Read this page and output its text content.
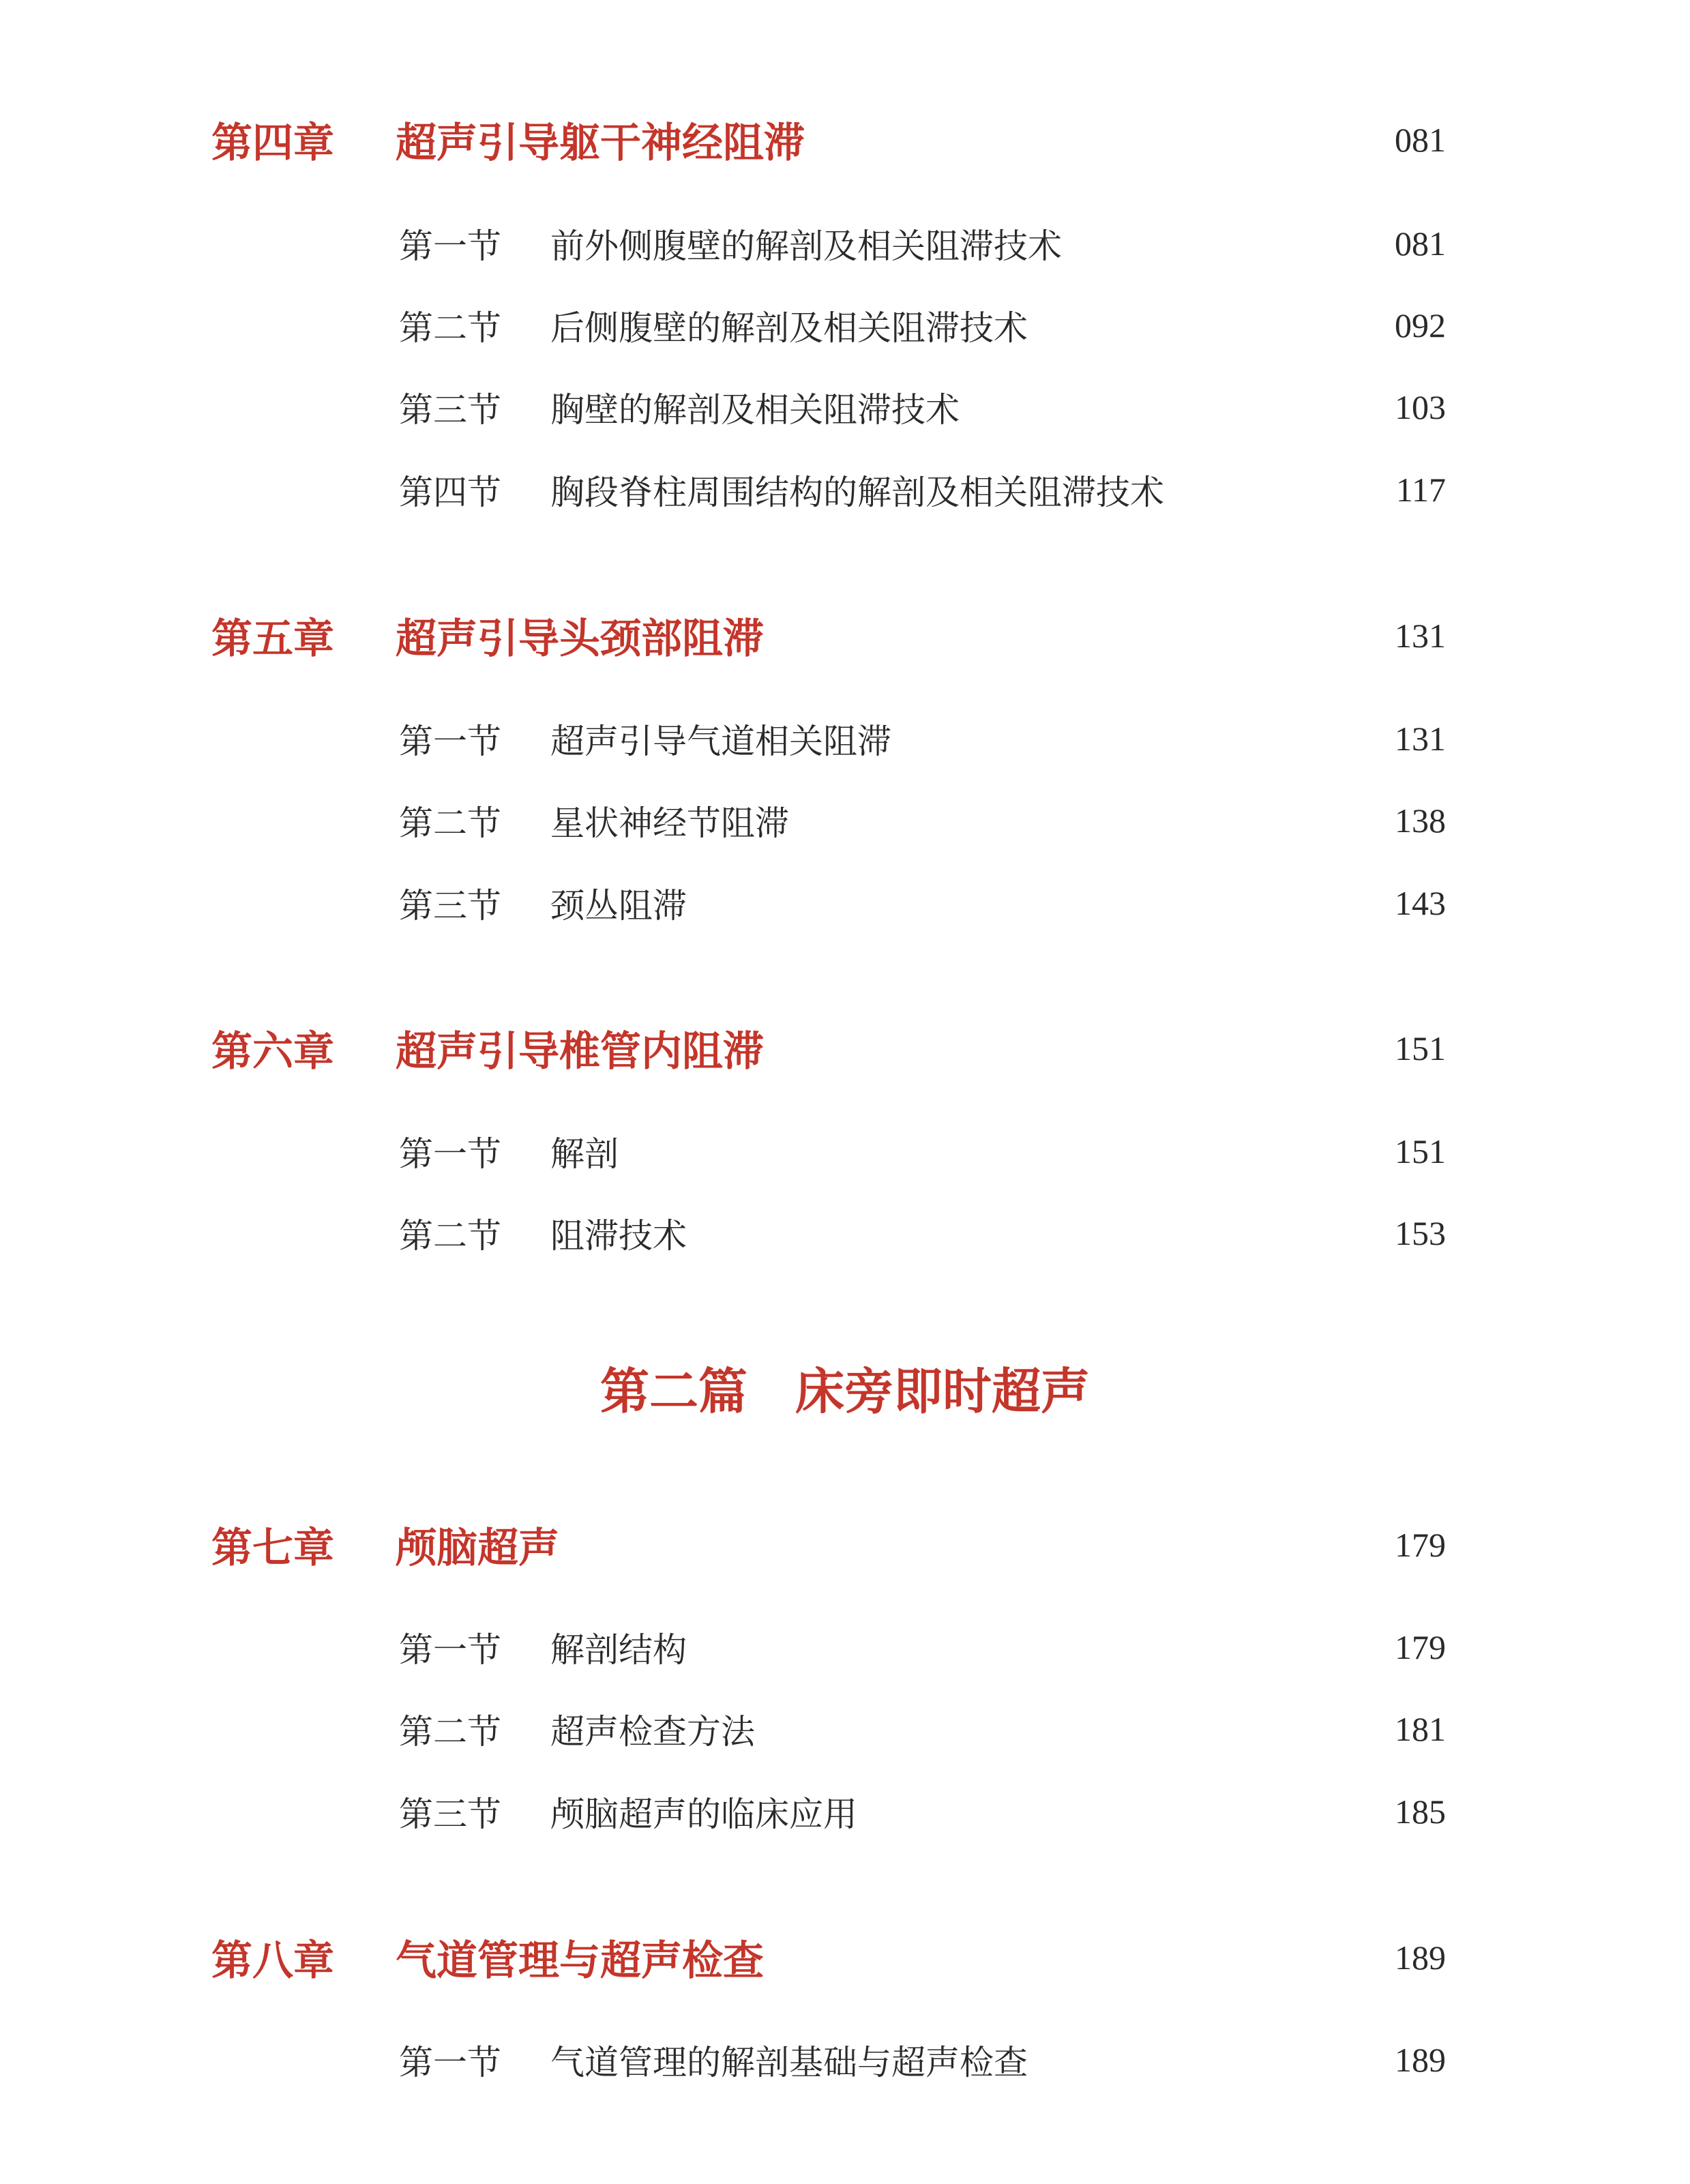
第四章 超声引导躯干神经阻滞	081
第一节 前外侧腹壁的解剖及相关阻滞技术	081
第二节 后侧腹壁的解剖及相关阻滞技术	092
第三节 胸壁的解剖及相关阻滞技术	103
第四节 胸段脊柱周围结构的解剖及相关阻滞技术	117
第五章 超声引导头颈部阻滞	131
第一节 超声引导气道相关阻滞	131
第二节 星状神经节阻滞	138
第三节 颈丛阻滞	143
第六章 超声引导椎管内阻滞	151
第一节 解剖	151
第二节 阻滞技术	153
第二篇 床旁即时超声
第七章 颅脑超声	179
第一节 解剖结构	179
第二节 超声检查方法	181
第三节 颅脑超声的临床应用	185
第八章 气道管理与超声检查	189
第一节 气道管理的解剖基础与超声检查	189
